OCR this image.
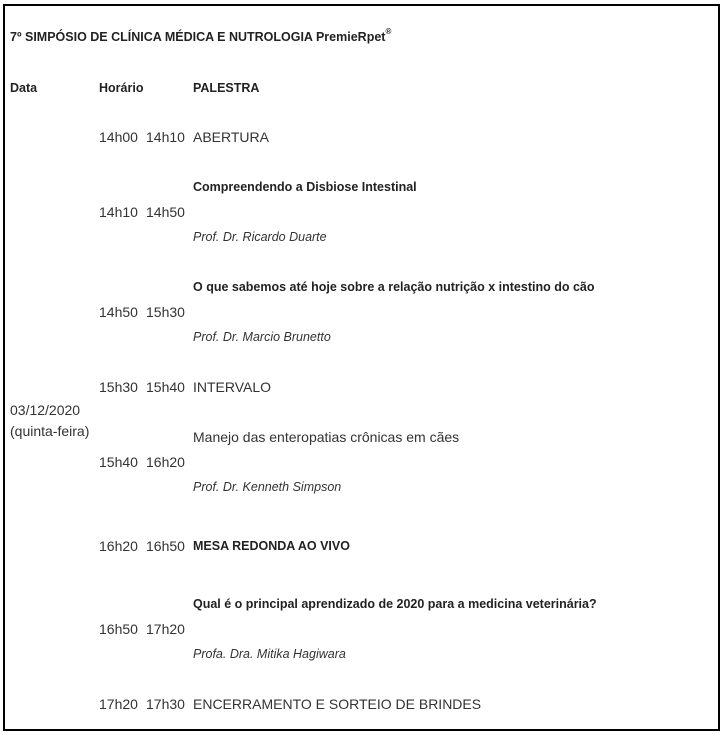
7º SIMPÓSIO DE CLÍNICA MÉDICA E NUTROLOGIA PremieRpet®
Data	Horário	PALESTRA
03/12/2020
(quinta-feira)
14h00 14h10 ABERTURA
14h10 14h50
Compreendendo a Disbiose Intestinal
Prof. Dr. Ricardo Duarte
14h50 15h30
O que sabemos até hoje sobre a relação nutrição x intestino do cão
Prof. Dr. Marcio Brunetto
15h30 15h40 INTERVALO
15h40 16h20
Manejo das enteropatias crônicas em cães
Prof. Dr. Kenneth Simpson
16h20 16h50 MESA REDONDA AO VIVO
16h50 17h20
Qual é o principal aprendizado de 2020 para a medicina veterinária?
Profa. Dra. Mitika Hagiwara
17h20 17h30 ENCERRAMENTO E SORTEIO DE BRINDES
